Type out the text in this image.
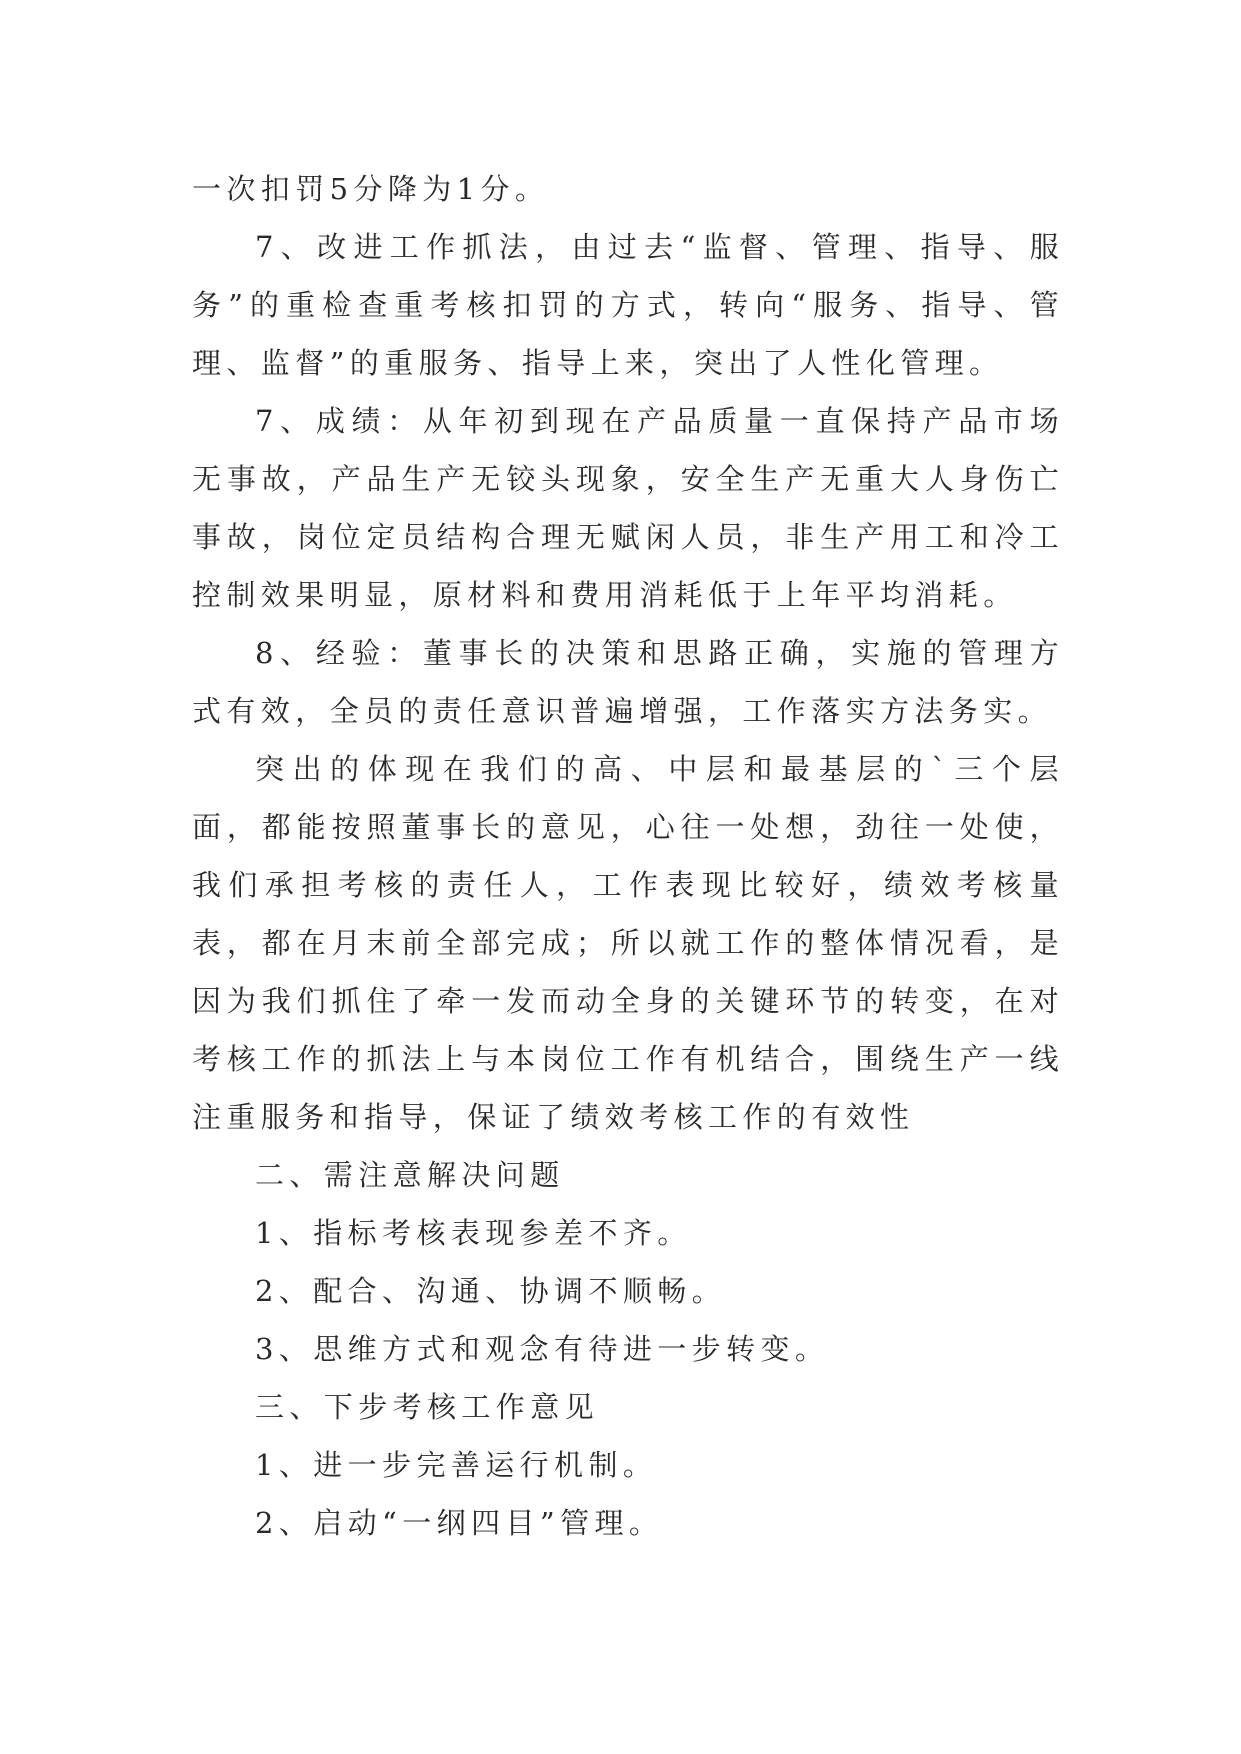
一次扣罚5分降为1分。

7、改进工作抓法，由过去“监督、管理、指导、服务”的重检查重考核扣罚的方式，转向“服务、指导、管理、监督”的重服务、指导上来，突出了人性化管理。

7、成绩：从年初到现在产品质量一直保持产品市场无事故，产品生产无铰头现象，安全生产无重大人身伤亡事故，岗位定员结构合理无赋闲人员，非生产用工和冷工控制效果明显，原材料和费用消耗低于上年平均消耗。

8、经验：董事长的决策和思路正确，实施的管理方式有效，全员的责任意识普遍增强，工作落实方法务实。

突出的体现在我们的高、中层和最基层的`三个层面，都能按照董事长的意见，心往一处想，劲往一处使，我们承担考核的责任人，工作表现比较好，绩效考核量表，都在月末前全部完成；所以就工作的整体情况看，是因为我们抓住了牵一发而动全身的关键环节的转变，在对考核工作的抓法上与本岗位工作有机结合，围绕生产一线注重服务和指导，保证了绩效考核工作的有效性

二、需注意解决问题

1、指标考核表现参差不齐。

2、配合、沟通、协调不顺畅。

3、思维方式和观念有待进一步转变。

三、下步考核工作意见

1、进一步完善运行机制。

2、启动“一纲四目”管理。
